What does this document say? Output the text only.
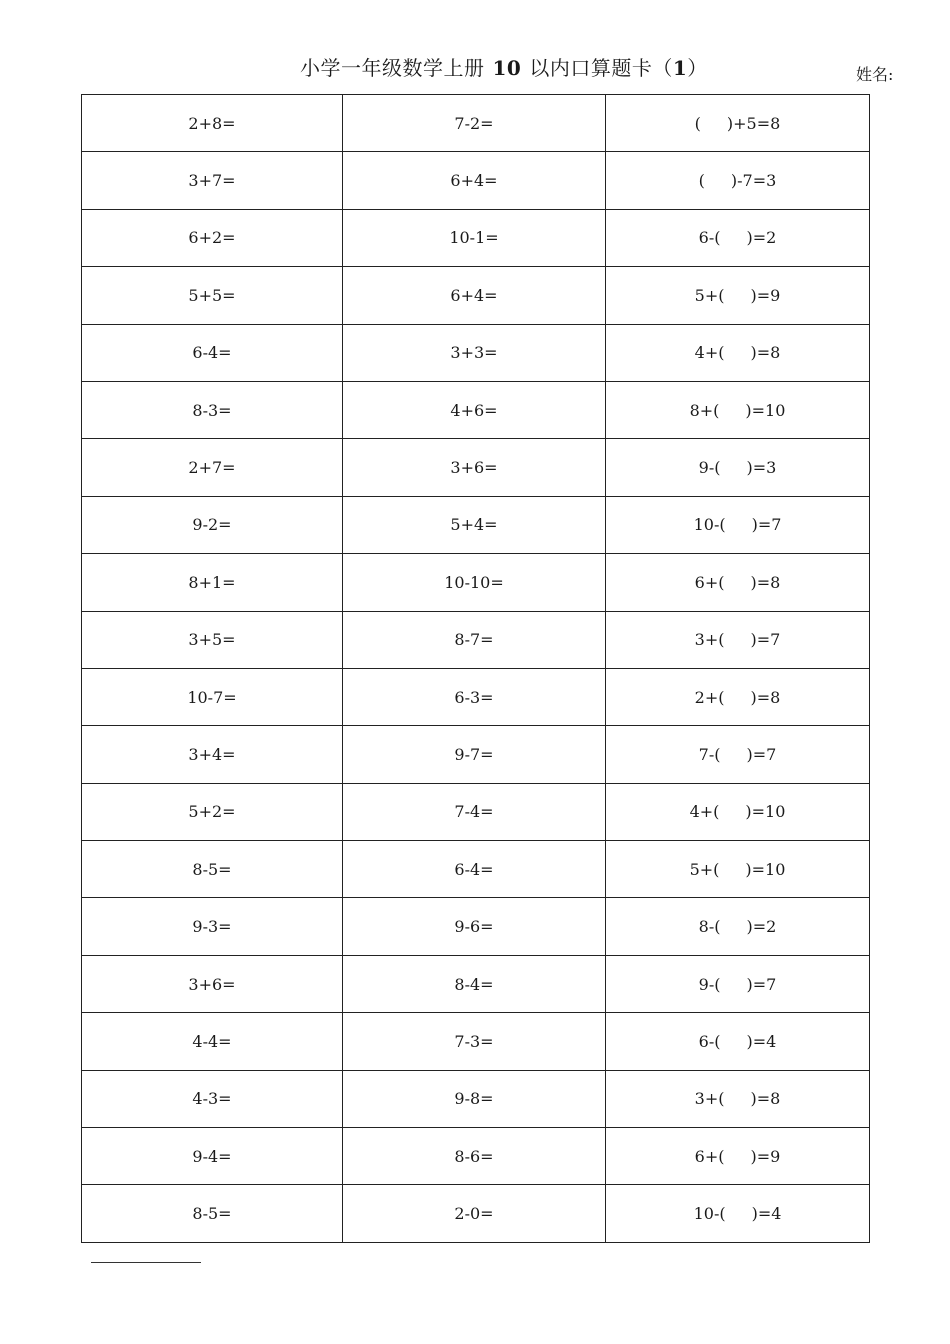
小学一年级数学上册 10 以内口算题卡（1）	姓名:
2+8=	7-2=	( )+5=8
3+7=	6+4=	( )-7=3
6+2=	10-1=	6-( )=2
5+5=	6+4=	5+( )=9
6-4=	3+3=	4+( )=8
8-3=	4+6=	8+( )=10
2+7=	3+6=	9-( )=3
9-2=	5+4=	10-( )=7
8+1=	10-10=	6+( )=8
3+5=	8-7=	3+( )=7
10-7=	6-3=	2+( )=8
3+4=	9-7=	7-( )=7
5+2=	7-4=	4+( )=10
8-5=	6-4=	5+( )=10
9-3=	9-6=	8-( )=2
3+6=	8-4=	9-( )=7
4-4=	7-3=	6-( )=4
4-3=	9-8=	3+( )=8
9-4=	8-6=	6+( )=9
8-5=	2-0=	10-( )=4
